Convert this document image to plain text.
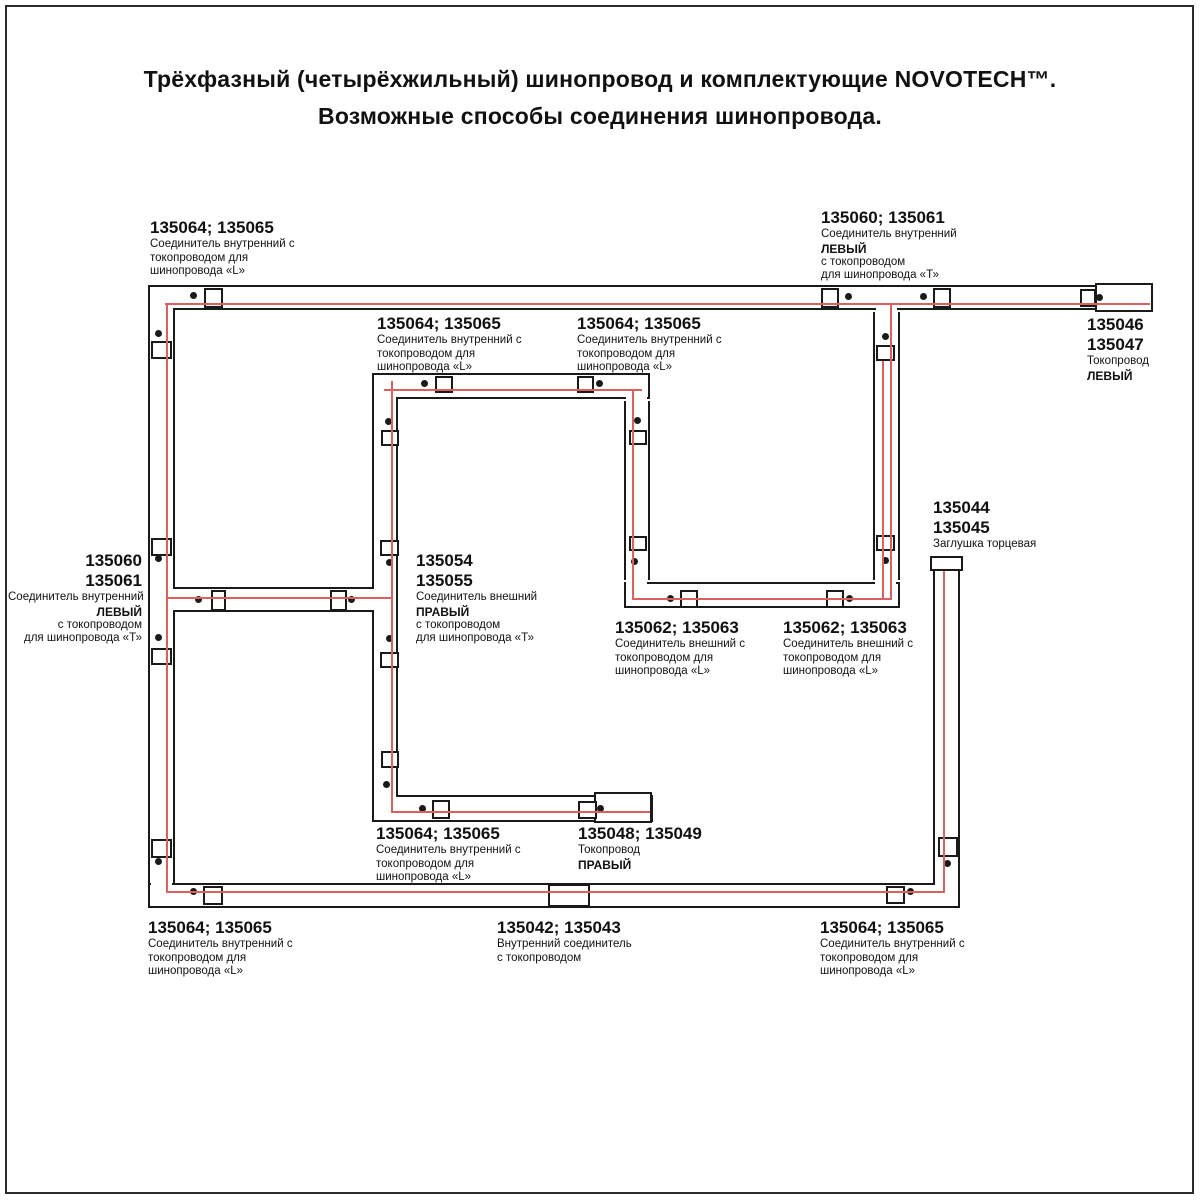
Трёхфазный (четырёхжильный) шинопровод и комплектующие NOVOTECH™.
Возможные способы соединения шинопровода.
135064; 135065
Соединитель внутренний с
токопроводом для
шинопровода «L»
135060; 135061
Соединитель внутренний
ЛЕВЫЙ
с токопроводом
для шинопровода «Т»
135046
135047
Токопровод
ЛЕВЫЙ
135064; 135065
Соединитель внутренний с
токопроводом для
шинопровода «L»
135064; 135065
Соединитель внутренний с
токопроводом для
шинопровода «L»
135060
135061
Соединитель внутренний
ЛЕВЫЙ
с токопроводом
для шинопровода «Т»
135054
135055
Соединитель внешний
ПРАВЫЙ
с токопроводом
для шинопровода «Т»
135062; 135063
Соединитель внешний с
токопроводом для
шинопровода «L»
135062; 135063
Соединитель внешний с
токопроводом для
шинопровода «L»
135044
135045
Заглушка торцевая
135064; 135065
Соединитель внутренний с
токопроводом для
шинопровода «L»
135048; 135049
Токопровод
ПРАВЫЙ
135064; 135065
Соединитель внутренний с
токопроводом для
шинопровода «L»
135042; 135043
Внутренний соединитель
с токопроводом
135064; 135065
Соединитель внутренний с
токопроводом для
шинопровода «L»
